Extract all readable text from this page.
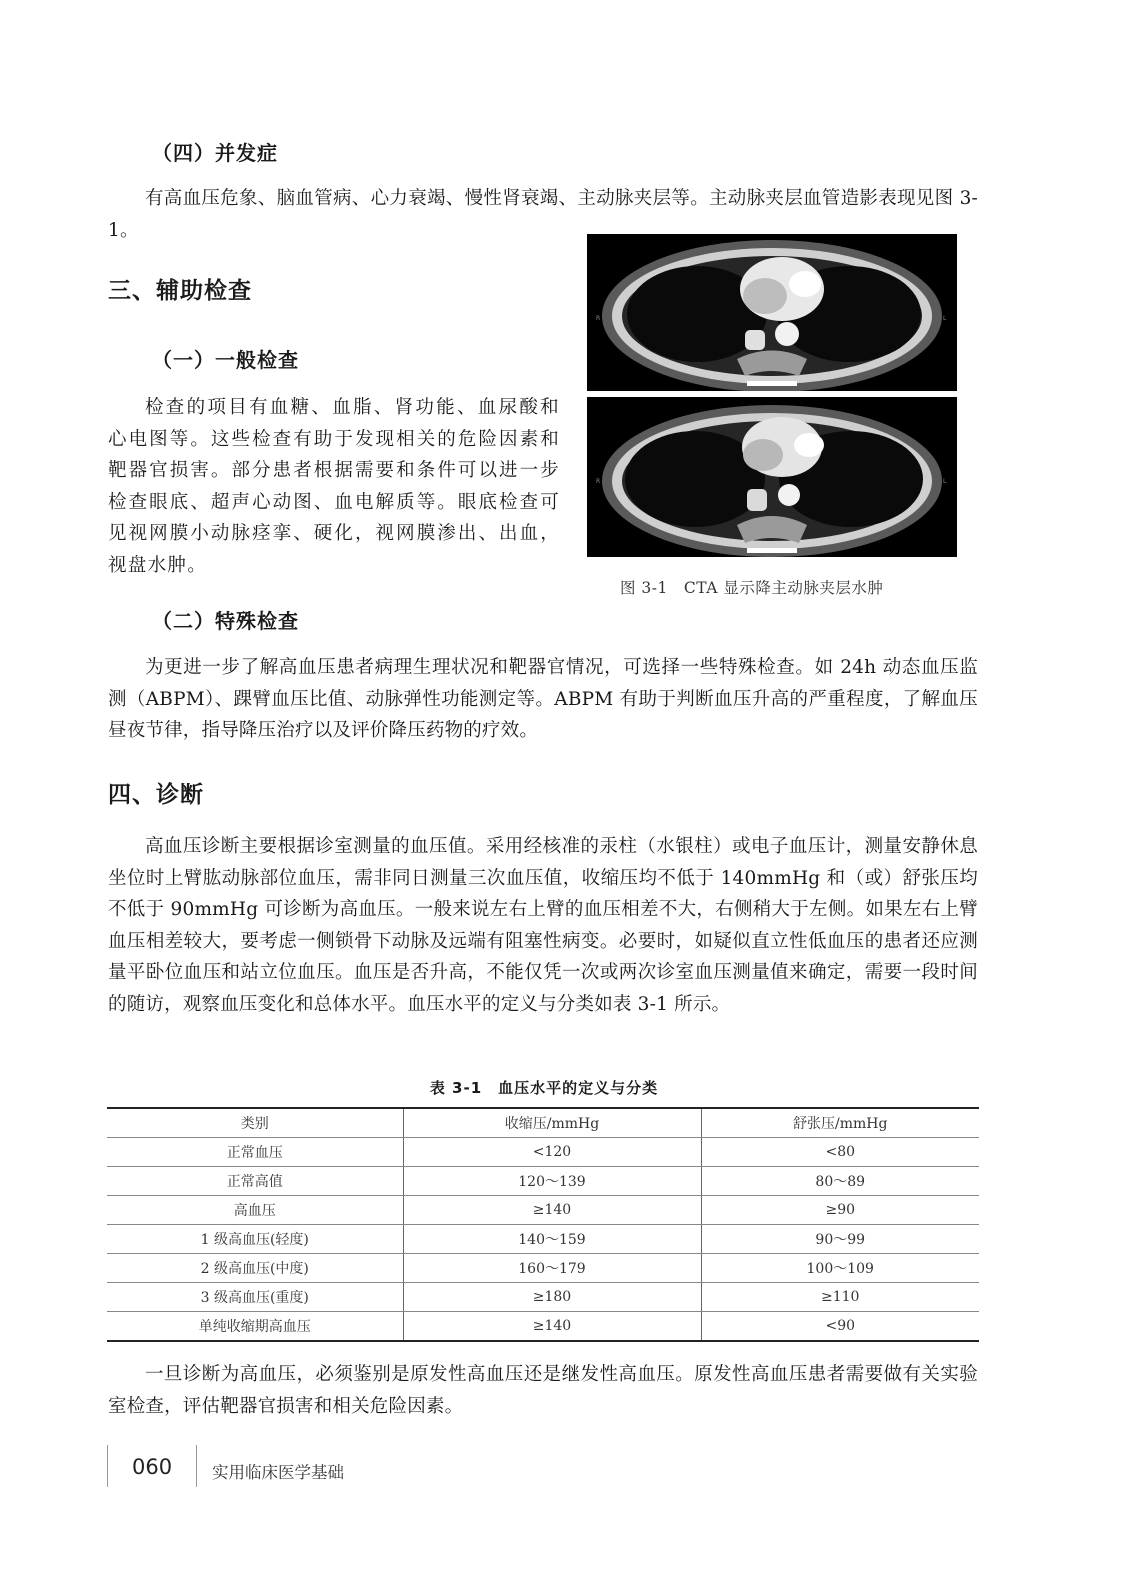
（四）并发症

有高血压危象、脑血管病、心力衰竭、慢性肾衰竭、主动脉夹层等。主动脉夹层血管造影表现见图 3-1。

三、辅助检查
（一）一般检查

检查的项目有血糖、血脂、肾功能、血尿酸和心电图等。这些检查有助于发现相关的危险因素和靶器官损害。部分患者根据需要和条件可以进一步检查眼底、超声心动图、血电解质等。眼底检查可见视网膜小动脉痉挛、硬化，视网膜渗出、出血，视盘水肿。

R	L
R	L
图 3-1　CTA 显示降主动脉夹层水肿
（二）特殊检查

为更进一步了解高血压患者病理生理状况和靶器官情况，可选择一些特殊检查。如 24h 动态血压监测（ABPM）、踝臂血压比值、动脉弹性功能测定等。ABPM 有助于判断血压升高的严重程度，了解血压昼夜节律，指导降压治疗以及评价降压药物的疗效。

四、诊断

高血压诊断主要根据诊室测量的血压值。采用经核准的汞柱（水银柱）或电子血压计，测量安静休息坐位时上臂肱动脉部位血压，需非同日测量三次血压值，收缩压均不低于 140mmHg 和（或）舒张压均不低于 90mmHg 可诊断为高血压。一般来说左右上臂的血压相差不大，右侧稍大于左侧。如果左右上臂血压相差较大，要考虑一侧锁骨下动脉及远端有阻塞性病变。必要时，如疑似直立性低血压的患者还应测量平卧位血压和站立位血压。血压是否升高，不能仅凭一次或两次诊室血压测量值来确定，需要一段时间的随访，观察血压变化和总体水平。血压水平的定义与分类如表 3-1 所示。

表 3-1　血压水平的定义与分类
类别	收缩压/mmHg	舒张压/mmHg
正常血压	<120	<80
正常高值	120～139	80～89
高血压	≥140	≥90
1 级高血压(轻度)	140～159	90～99
2 级高血压(中度)	160～179	100～109
3 级高血压(重度)	≥180	≥110
单纯收缩期高血压	≥140	<90

一旦诊断为高血压，必须鉴别是原发性高血压还是继发性高血压。原发性高血压患者需要做有关实验室检查，评估靶器官损害和相关危险因素。

060 实用临床医学基础
